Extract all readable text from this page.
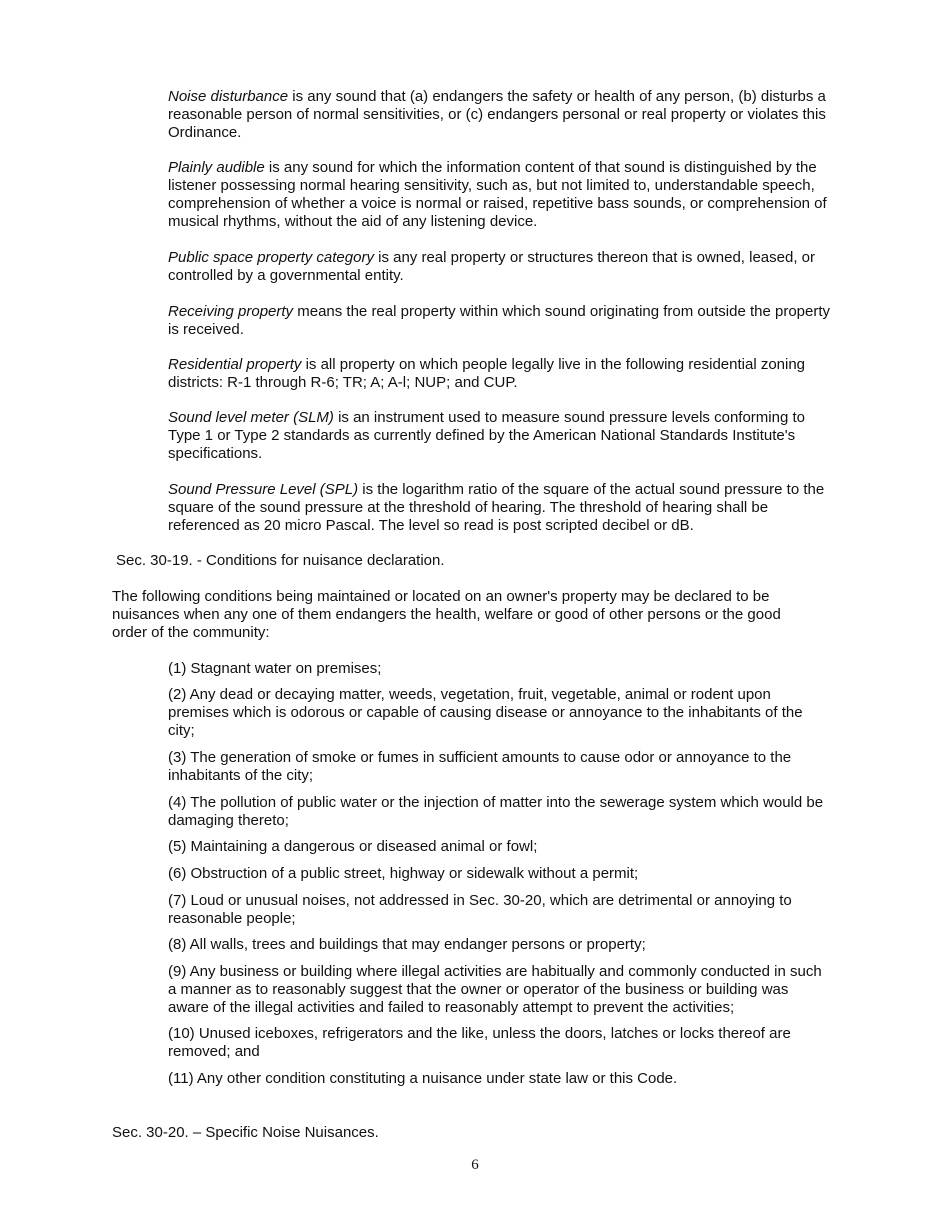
Noise disturbance is any sound that (a) endangers the safety or health of any person, (b) disturbs a reasonable person of normal sensitivities, or (c) endangers personal or real property or violates this Ordinance.

Plainly audible is any sound for which the information content of that sound is distinguished by the listener possessing normal hearing sensitivity, such as, but not limited to, understandable speech, comprehension of whether a voice is normal or raised, repetitive bass sounds, or comprehension of musical rhythms, without the aid of any listening device.

Public space property category is any real property or structures thereon that is owned, leased, or controlled by a governmental entity.

Receiving property means the real property within which sound originating from outside the property is received.

Residential property is all property on which people legally live in the following residential zoning districts: R-1 through R-6; TR; A; A-l; NUP; and CUP.

Sound level meter (SLM) is an instrument used to measure sound pressure levels conforming to Type 1 or Type 2 standards as currently defined by the American National Standards Institute's specifications.

Sound Pressure Level (SPL) is the logarithm ratio of the square of the actual sound pressure to the square of the sound pressure at the threshold of hearing. The threshold of hearing shall be referenced as 20 micro Pascal. The level so read is post scripted decibel or dB.

Sec. 30-19. - Conditions for nuisance declaration.

The following conditions being maintained or located on an owner's property may be declared to be nuisances when any one of them endangers the health, welfare or good of other persons or the good order of the community:

(1) Stagnant water on premises;

(2) Any dead or decaying matter, weeds, vegetation, fruit, vegetable, animal or rodent upon premises which is odorous or capable of causing disease or annoyance to the inhabitants of the city;

(3) The generation of smoke or fumes in sufficient amounts to cause odor or annoyance to the inhabitants of the city;

(4) The pollution of public water or the injection of matter into the sewerage system which would be damaging thereto;

(5) Maintaining a dangerous or diseased animal or fowl;

(6) Obstruction of a public street, highway or sidewalk without a permit;

(7) Loud or unusual noises, not addressed in Sec. 30-20, which are detrimental or annoying to reasonable people;

(8) All walls, trees and buildings that may endanger persons or property;

(9) Any business or building where illegal activities are habitually and commonly conducted in such a manner as to reasonably suggest that the owner or operator of the business or building was aware of the illegal activities and failed to reasonably attempt to prevent the activities;

(10) Unused iceboxes, refrigerators and the like, unless the doors, latches or locks thereof are removed; and

(11) Any other condition constituting a nuisance under state law or this Code.

Sec. 30-20. – Specific Noise Nuisances.

6
